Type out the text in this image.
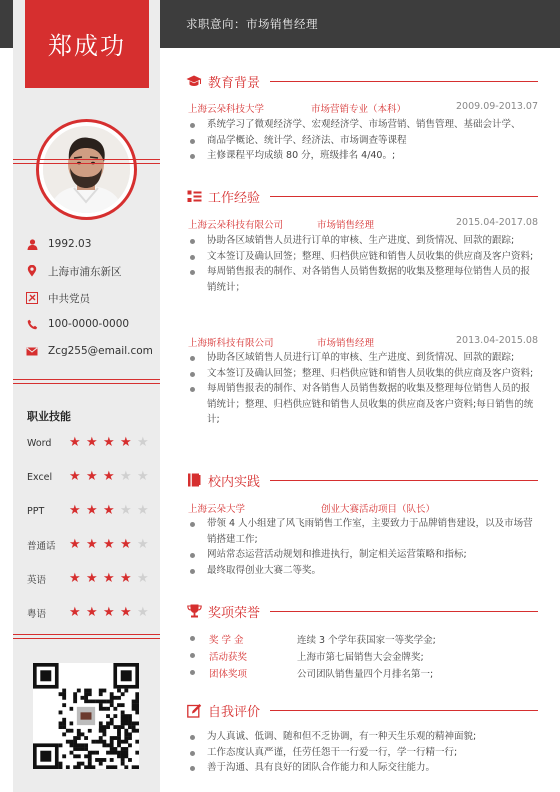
求职意向：市场销售经理
郑成功
1992.03
上海市浦东新区
中共党员
100-0000-0000
Zcg255@email.com
职业技能
Word	★ ★ ★ ★ ★
Excel	★ ★ ★ ★ ★
PPT	★ ★ ★ ★ ★
普通话	★ ★ ★ ★ ★
英语	★ ★ ★ ★ ★
粤语	★ ★ ★ ★ ★
教育背景
上海云朵科技大学	市场营销专业（本科）	2009.09-2013.07
系统学习了微观经济学、宏观经济学、市场营销、销售管理、基础会计学、
商品学概论、统计学、经济法、市场调查等课程
主修课程平均成绩 80 分，班级排名 4/40。;
工作经验
上海云朵科技有限公司	市场销售经理	2015.04-2017.08
协助各区域销售人员进行订单的审核、生产进度、到货情况、回款的跟踪;
文本签订及确认回签；整理、归档供应链和销售人员收集的供应商及客户资料;
每周销售报表的制作、对各销售人员销售数据的收集及整理每位销售人员的报销统计；
上海斯科技有限公司	市场销售经理	2013.04-2015.08
协助各区域销售人员进行订单的审核、生产进度、到货情况、回款的跟踪;
文本签订及确认回签；整理、归档供应链和销售人员收集的供应商及客户资料;
每周销售报表的制作、对各销售人员销售数据的收集及整理每位销售人员的报销统计；整理、归档供应链和销售人员收集的供应商及客户资料;每日销售的统计;
校内实践
上海云朵大学	创业大赛活动项目（队长）
带领 4 人小组建了风飞雨销售工作室，主要致力于品牌销售建设，以及市场营销搭建工作;
网站常态运营活动规划和推进执行，制定相关运营策略和指标;
最终取得创业大赛二等奖。
奖项荣誉
奖 学 金	连续 3 个学年获国家一等奖学金;
活动获奖	上海市第七届销售大会金牌奖;
团体奖项	公司团队销售量四个月排名第一;
自我评价
为人真诚、低调、随和但不乏协调，有一种天生乐观的精神面貌;
工作态度认真严谨，任劳任怨干一行爱一行，学一行精一行;
善于沟通、具有良好的团队合作能力和人际交往能力。
